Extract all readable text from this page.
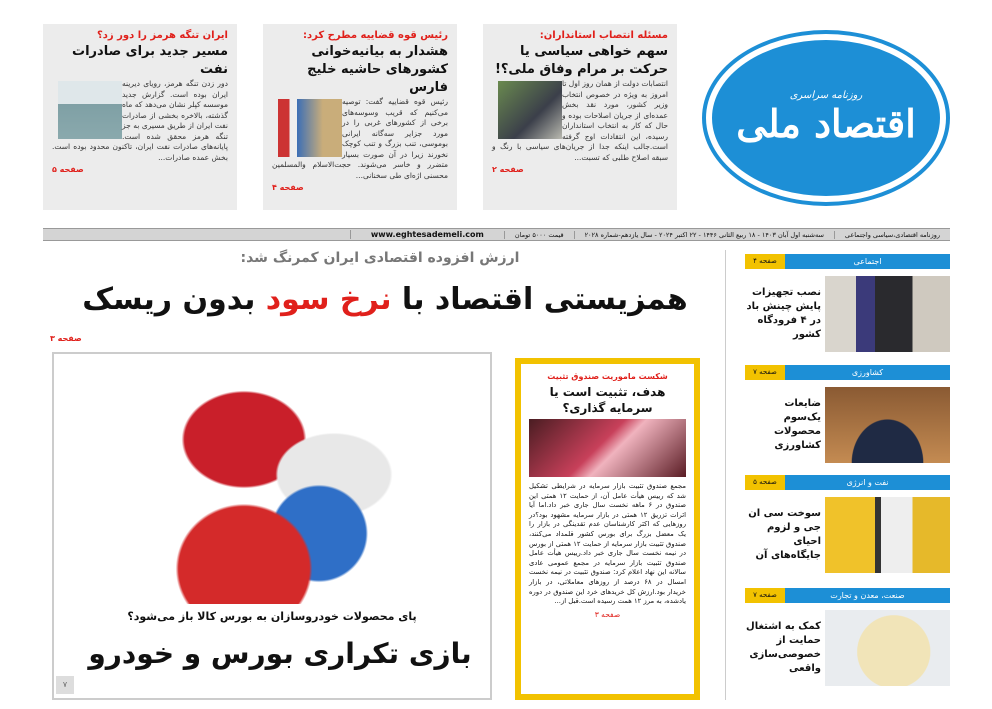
روزنامه سراسری
اقتصاد ملی
مسئله انتصاب استانداران:
سهم خواهی سیاسی یا حرکت بر مرام وفاق ملی؟!
انتصابات دولت از همان روز اول تا امروز به ویژه در خصوص انتخاب وزیر کشور، مورد نقد بخش عمده‌ای از جریان اصلاحات بوده و حال که کار به انتخاب استانداران رسیده، این انتقادات اوج گرفته است.جالب اینکه جدا از جریان‌های سیاسی با رنگ و سبقه اصلاح طلبی که تسبت...
صفحه ۲
رئیس قوه قضاییه مطرح کرد:
هشدار به بیانیه‌خوانی کشورهای حاشیه خلیج فارس
رئیس قوه قضاییه گفت: توصیه می‌کنیم که قریب وسوسه‌های برخی از کشورهای غربی را در مورد جزایر سه‌گانه ایرانی بوموسی، تنب بزرگ و تنب کوچک نخورند زیرا در آن صورت بسیار متضرر و خاسر می‌شوند. حجت‌الاسلام والمسلمین محسنی اژه‌ای طی سخنانی...
صفحه ۴
ایران تنگه هرمز را دور زد؟
مسیر جدید برای صادرات نفت
دور زدن تنگه هرمز، رویای دیرینه ایران بوده است. گزارش جدید موسسه کپلر نشان می‌دهد که ماه گذشته، بالاخره بخشی از صادرات نفت ایران از طریق مسیری به جز تنگه هرمز محقق شده است. پایانه‌های صادرات نفت ایران، تاکنون محدود بوده است. بخش عمده صادرات...
صفحه ۵
روزنامه اقتصادی،سیاسی واجتماعی
سه‌شنبه اول آبان ۱۴۰۳ - ۱۸ ربیع الثانی ۱۴۴۶ - ۲۲ اکتبر ۲۰۲۴ - سال یازدهم-شماره ۲۰۲۸
قیمت ۵۰۰۰ تومان
www.eghtesademeli.com
ارزش افزوده اقتصادی ایران کمرنگ شد:
همزیستی اقتصاد با نرخ سود بدون ریسک
صفحه ۳
پای محصولات خودروسازان به بورس کالا باز می‌شود؟
بازی تکراری بورس و خودرو
۷
شکست ماموریت صندوق تثبیت
هدف، تثبیت است یا سرمایه گذاری؟
مجمع صندوق تثبیت بازار سرمایه در شرایطی تشکیل شد که رییس هیأت عامل آن، از حمایت ۱۲ همتی این صندوق در ۶ ماهه نخست سال جاری خبر داد.اما آیا اثرات تزریق ۱۲ همتی در بازار سرمایه مشهود بود؟در روزهایی که اکثر کارشناسان عدم تقدینگی در بازار را یک معضل بزرگ برای بورس کشور قلمداد می‌کنند، صندوق تثبیت بازار سرمایه از حمایت ۱۲ همتی از بورس در نیمه نخست سال جاری خبر داد.رییس هیأت عامل صندوق تثبیت بازار سرمایه در مجمع عمومی عادی سالانه این نهاد اعلام کرد: صندوق تثبیت در نیمه نخست امسال در ۶۸ درصد از روزهای معاملاتی، در بازار خریدار بود.ارزش کل خریدهای خرد این صندوق در دوره یادشده، به مرز ۱۲ همت رسیده است.قبل از...
صفحه ۳
اجتماعی
صفحه ۴
نصب تجهیزات پایش چینش باد در ۴ فرودگاه کشور
کشاورزی
صفحه ۷
ضایعات یک‌سوم محصولات کشاورزی
نفت و انرژی
صفحه ۵
سوخت سی ان جی و لزوم احیای جایگاه‌های آن
صنعت، معدن و تجارت
صفحه ۷
کمک به اشتغال حمایت از خصوصی‌سازی واقعی
